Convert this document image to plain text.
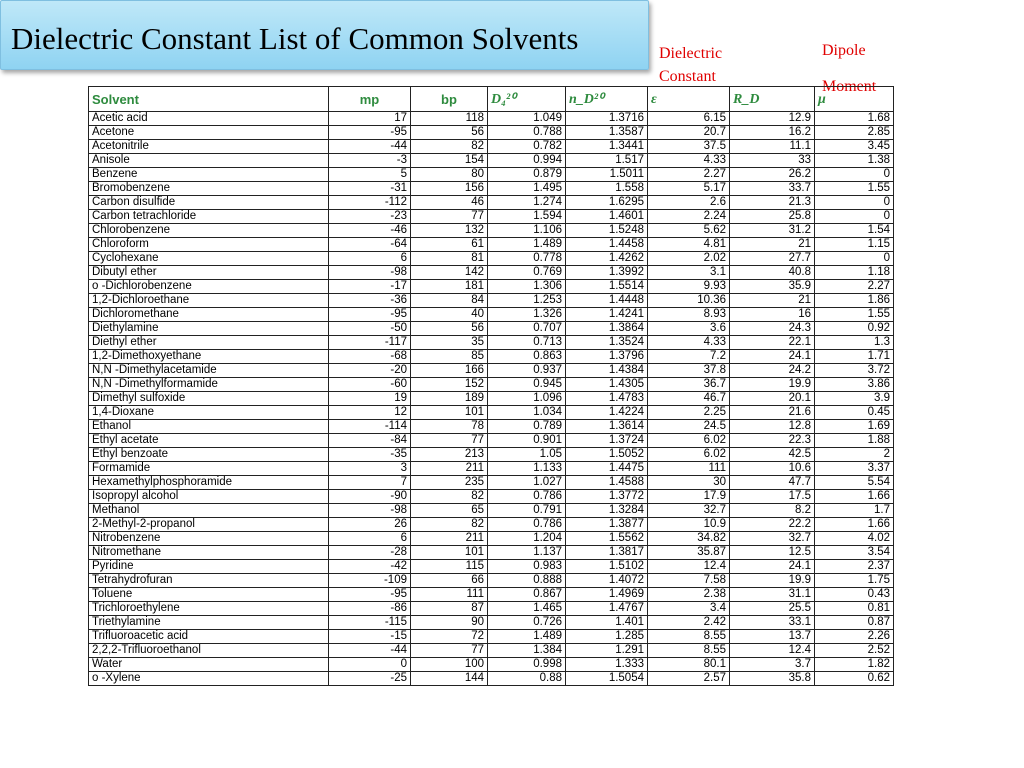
Dielectric Constant List of Common Solvents	Dielectric
Constant
Dipole
Moment
Solvent	mp	bp	D₄²⁰	n_D²⁰	ε	R_D	μ
Acetic acid	17	118	1.049	1.3716	6.15	12.9	1.68
Acetone	-95	56	0.788	1.3587	20.7	16.2	2.85
Acetonitrile	-44	82	0.782	1.3441	37.5	11.1	3.45
Anisole	-3	154	0.994	1.517	4.33	33	1.38
Benzene	5	80	0.879	1.5011	2.27	26.2	0
Bromobenzene	-31	156	1.495	1.558	5.17	33.7	1.55
Carbon disulfide	-112	46	1.274	1.6295	2.6	21.3	0
Carbon tetrachloride	-23	77	1.594	1.4601	2.24	25.8	0
Chlorobenzene	-46	132	1.106	1.5248	5.62	31.2	1.54
Chloroform	-64	61	1.489	1.4458	4.81	21	1.15
Cyclohexane	6	81	0.778	1.4262	2.02	27.7	0
Dibutyl ether	-98	142	0.769	1.3992	3.1	40.8	1.18
o -Dichlorobenzene	-17	181	1.306	1.5514	9.93	35.9	2.27
1,2-Dichloroethane	-36	84	1.253	1.4448	10.36	21	1.86
Dichloromethane	-95	40	1.326	1.4241	8.93	16	1.55
Diethylamine	-50	56	0.707	1.3864	3.6	24.3	0.92
Diethyl ether	-117	35	0.713	1.3524	4.33	22.1	1.3
1,2-Dimethoxyethane	-68	85	0.863	1.3796	7.2	24.1	1.71
N,N -Dimethylacetamide	-20	166	0.937	1.4384	37.8	24.2	3.72
N,N -Dimethylformamide	-60	152	0.945	1.4305	36.7	19.9	3.86
Dimethyl sulfoxide	19	189	1.096	1.4783	46.7	20.1	3.9
1,4-Dioxane	12	101	1.034	1.4224	2.25	21.6	0.45
Ethanol	-114	78	0.789	1.3614	24.5	12.8	1.69
Ethyl acetate	-84	77	0.901	1.3724	6.02	22.3	1.88
Ethyl benzoate	-35	213	1.05	1.5052	6.02	42.5	2
Formamide	3	211	1.133	1.4475	111	10.6	3.37
Hexamethylphosphoramide	7	235	1.027	1.4588	30	47.7	5.54
Isopropyl alcohol	-90	82	0.786	1.3772	17.9	17.5	1.66
Methanol	-98	65	0.791	1.3284	32.7	8.2	1.7
2-Methyl-2-propanol	26	82	0.786	1.3877	10.9	22.2	1.66
Nitrobenzene	6	211	1.204	1.5562	34.82	32.7	4.02
Nitromethane	-28	101	1.137	1.3817	35.87	12.5	3.54
Pyridine	-42	115	0.983	1.5102	12.4	24.1	2.37
Tetrahydrofuran	-109	66	0.888	1.4072	7.58	19.9	1.75
Toluene	-95	111	0.867	1.4969	2.38	31.1	0.43
Trichloroethylene	-86	87	1.465	1.4767	3.4	25.5	0.81
Triethylamine	-115	90	0.726	1.401	2.42	33.1	0.87
Trifluoroacetic acid	-15	72	1.489	1.285	8.55	13.7	2.26
2,2,2-Trifluoroethanol	-44	77	1.384	1.291	8.55	12.4	2.52
Water	0	100	0.998	1.333	80.1	3.7	1.82
o -Xylene	-25	144	0.88	1.5054	2.57	35.8	0.62
